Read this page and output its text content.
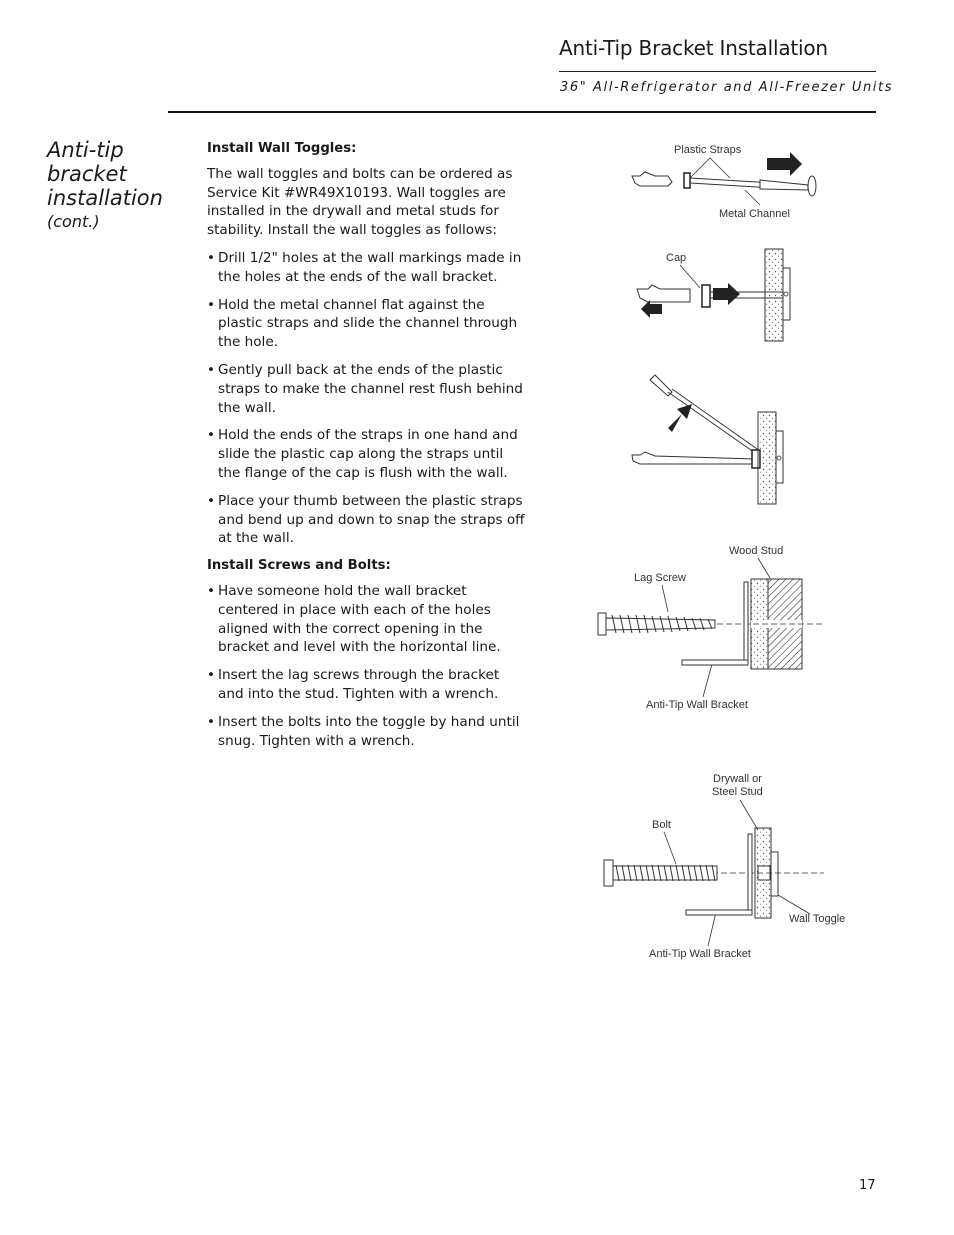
Anti-Tip Bracket Installation
36" All-Refrigerator and All-Freezer Units
Anti-tip bracket installation
(cont.)
Install Wall Toggles:

The wall toggles and bolts can be ordered as Service Kit #WR49X10193. Wall toggles are installed in the drywall and metal studs for stability. Install the wall toggles as follows:

• Drill 1/2" holes at the wall markings made in the holes at the ends of the wall bracket.

• Hold the metal channel flat against the plastic straps and slide the channel through the hole.

• Gently pull back at the ends of the plastic straps to make the channel rest flush behind the wall.

• Hold the ends of the straps in one hand and slide the plastic cap along the straps until the flange of the cap is flush with the wall.

• Place your thumb between the plastic straps and bend up and down to snap the straps off at the wall.

Install Screws and Bolts:

• Have someone hold the wall bracket centered in place with each of the holes aligned with the correct opening in the bracket and level with the horizontal line.

• Insert the lag screws through the bracket and into the stud. Tighten with a wrench.

• Insert the bolts into the toggle by hand until snug. Tighten with a wrench.

Plastic Straps
Metal Channel
Cap
Wood Stud
Lag Screw
Anti-Tip Wall Bracket
Drywall or
Steel Stud
Bolt
Wall Toggle
Anti-Tip Wall Bracket
17
